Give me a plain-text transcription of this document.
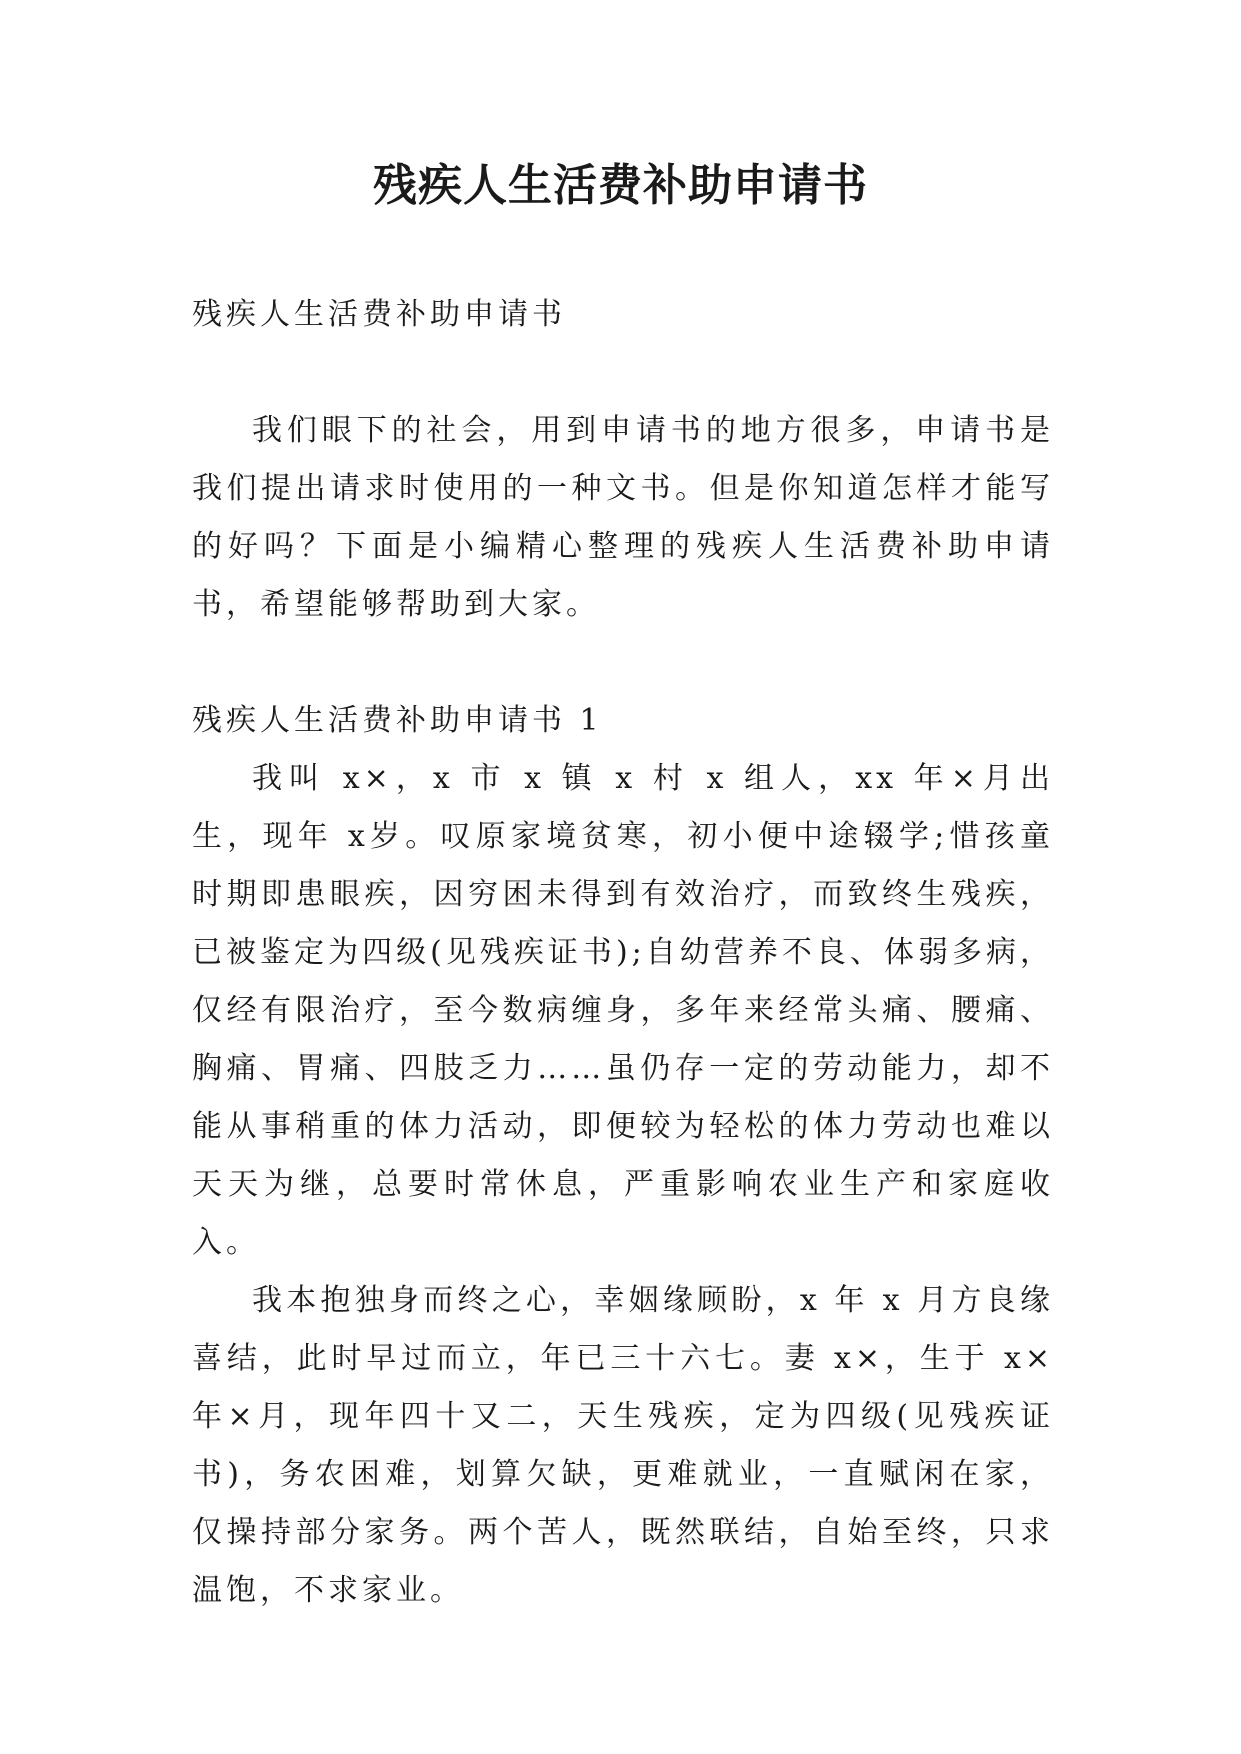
残疾人生活费补助申请书

残疾人生活费补助申请书

我们眼下的社会，用到申请书的地方很多，申请书是我们提出请求时使用的一种文书。但是你知道怎样才能写的好吗？下面是小编精心整理的残疾人生活费补助申请书，希望能够帮助到大家。

残疾人生活费补助申请书 1

我叫 x×，x 市 x 镇 x 村 x 组人，xx 年×月出生，现年 x岁。叹原家境贫寒，初小便中途辍学;惜孩童时期即患眼疾，因穷困未得到有效治疗，而致终生残疾，已被鉴定为四级(见残疾证书);自幼营养不良、体弱多病，仅经有限治疗，至今数病缠身，多年来经常头痛、腰痛、胸痛、胃痛、四肢乏力……虽仍存一定的劳动能力，却不能从事稍重的体力活动，即便较为轻松的体力劳动也难以天天为继，总要时常休息，严重影响农业生产和家庭收入。

我本抱独身而终之心，幸姻缘顾盼，x 年 x 月方良缘喜结，此时早过而立，年已三十六七。妻 x×，生于 x×年×月，现年四十又二，天生残疾，定为四级(见残疾证书)，务农困难，划算欠缺，更难就业，一直赋闲在家，仅操持部分家务。两个苦人，既然联结，自始至终，只求温饱，不求家业。
